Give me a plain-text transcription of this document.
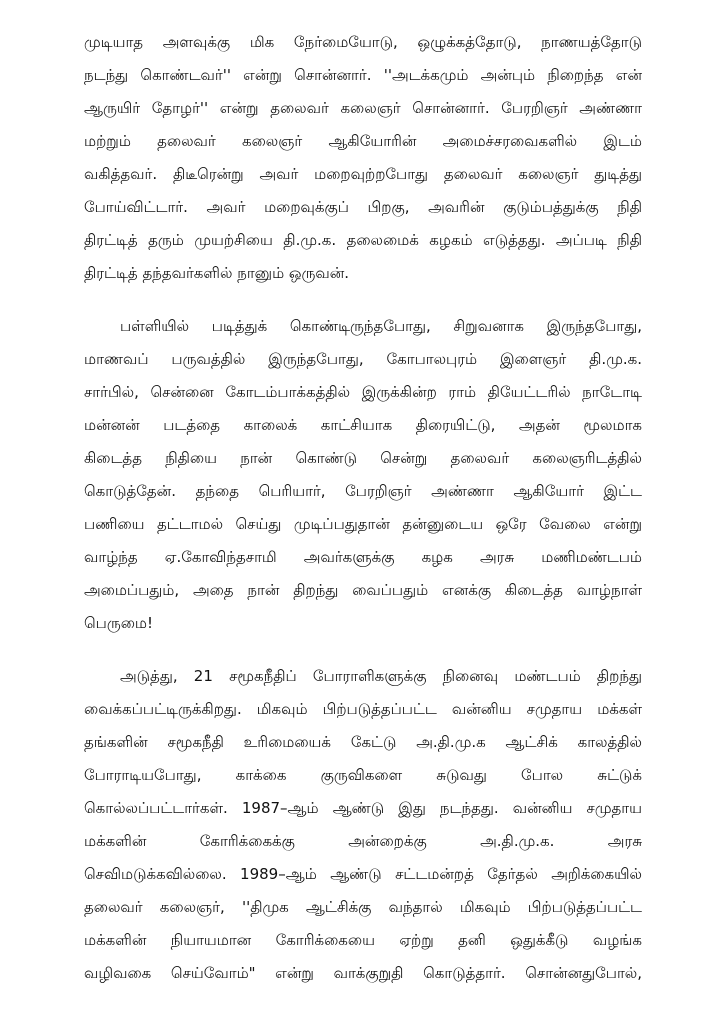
முடியாத அளவுக்கு மிக நேர்மையோடு, ஒழுக்கத்தோடு, நாணயத்தோடு
நடந்து கொண்டவர்'' என்று சொன்னார். ''அடக்கமும் அன்பும் நிறைந்த என்
ஆருயிர் தோழர்'' என்று தலைவர் கலைஞர் சொன்னார். பேரறிஞர் அண்ணா
மற்றும் தலைவர் கலைஞர் ஆகியோரின் அமைச்சரவைகளில் இடம்
வகித்தவர். திடீரென்று அவர் மறைவுற்றபோது தலைவர் கலைஞர் துடித்து
போய்விட்டார். அவர் மறைவுக்குப் பிறகு, அவரின் குடும்பத்துக்கு நிதி
திரட்டித் தரும் முயற்சியை தி.மு.க. தலைமைக் கழகம் எடுத்தது. அப்படி நிதி
திரட்டித் தந்தவர்களில் நானும் ஒருவன்.
பள்ளியில் படித்துக் கொண்டிருந்தபோது, சிறுவனாக இருந்தபோது,
மாணவப் பருவத்தில் இருந்தபோது, கோபாலபுரம் இளைஞர் தி.மு.க.
சார்பில், சென்னை கோடம்பாக்கத்தில் இருக்கின்ற ராம் தியேட்டரில் நாடோடி
மன்னன் படத்தை காலைக் காட்சியாக திரையிட்டு, அதன் மூலமாக
கிடைத்த நிதியை நான் கொண்டு சென்று தலைவர் கலைஞரிடத்தில்
கொடுத்தேன். தந்தை பெரியார், பேரறிஞர் அண்ணா ஆகியோர் இட்ட
பணியை தட்டாமல் செய்து முடிப்பதுதான் தன்னுடைய ஒரே வேலை என்று
வாழ்ந்த ஏ.கோவிந்தசாமி அவர்களுக்கு கழக அரசு மணிமண்டபம்
அமைப்பதும், அதை நான் திறந்து வைப்பதும் எனக்கு கிடைத்த வாழ்நாள்
பெருமை!
அடுத்து, 21 சமூகநீதிப் போராளிகளுக்கு நினைவு மண்டபம் திறந்து
வைக்கப்பட்டிருக்கிறது. மிகவும் பிற்படுத்தப்பட்ட வன்னிய சமுதாய மக்கள்
தங்களின் சமூகநீதி உரிமையைக் கேட்டு அ.தி.மு.க ஆட்சிக் காலத்தில்
போராடியபோது, காக்கை குருவிகளை சுடுவது போல சுட்டுக்
கொல்லப்பட்டார்கள். 1987–ஆம் ஆண்டு இது நடந்தது. வன்னிய சமுதாய
மக்களின் கோரிக்கைக்கு அன்றைக்கு அ.தி.மு.க. அரசு
செவிமடுக்கவில்லை. 1989–ஆம் ஆண்டு சட்டமன்றத் தேர்தல் அறிக்கையில்
தலைவர் கலைஞர், ''திமுக ஆட்சிக்கு வந்தால் மிகவும் பிற்படுத்தப்பட்ட
மக்களின் நியாயமான கோரிக்கையை ஏற்று தனி ஒதுக்கீடு வழங்க
வழிவகை செய்வோம்" என்று வாக்குறுதி கொடுத்தார். சொன்னதுபோல்,
